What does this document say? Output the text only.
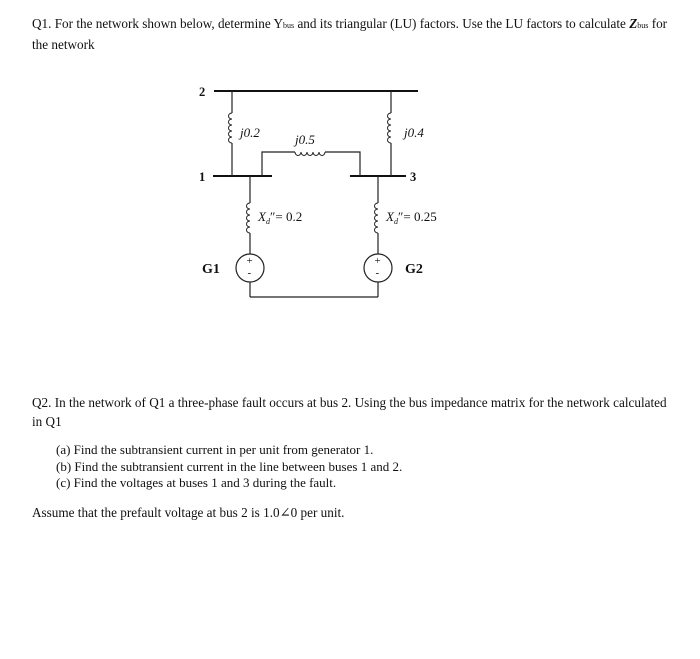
Q1. For the network shown below, determine Ybus and its triangular (LU) factors. Use the LU factors to calculate Zbus for the network

2
1	3
j0.2	j0.4
j0.5
+
-
$X_d''= 0.2$
G1
+
-
$X_d''= 0.25$
G2

Q2. In the network of Q1 a three-phase fault occurs at bus 2. Using the bus impedance matrix for the network calculated in Q1

(a) Find the subtransient current in per unit from generator 1.
(b) Find the subtransient current in the line between buses 1 and 2.
(c) Find the voltages at buses 1 and 3 during the fault.

Assume that the prefault voltage at bus 2 is 1.0∠0 per unit.
